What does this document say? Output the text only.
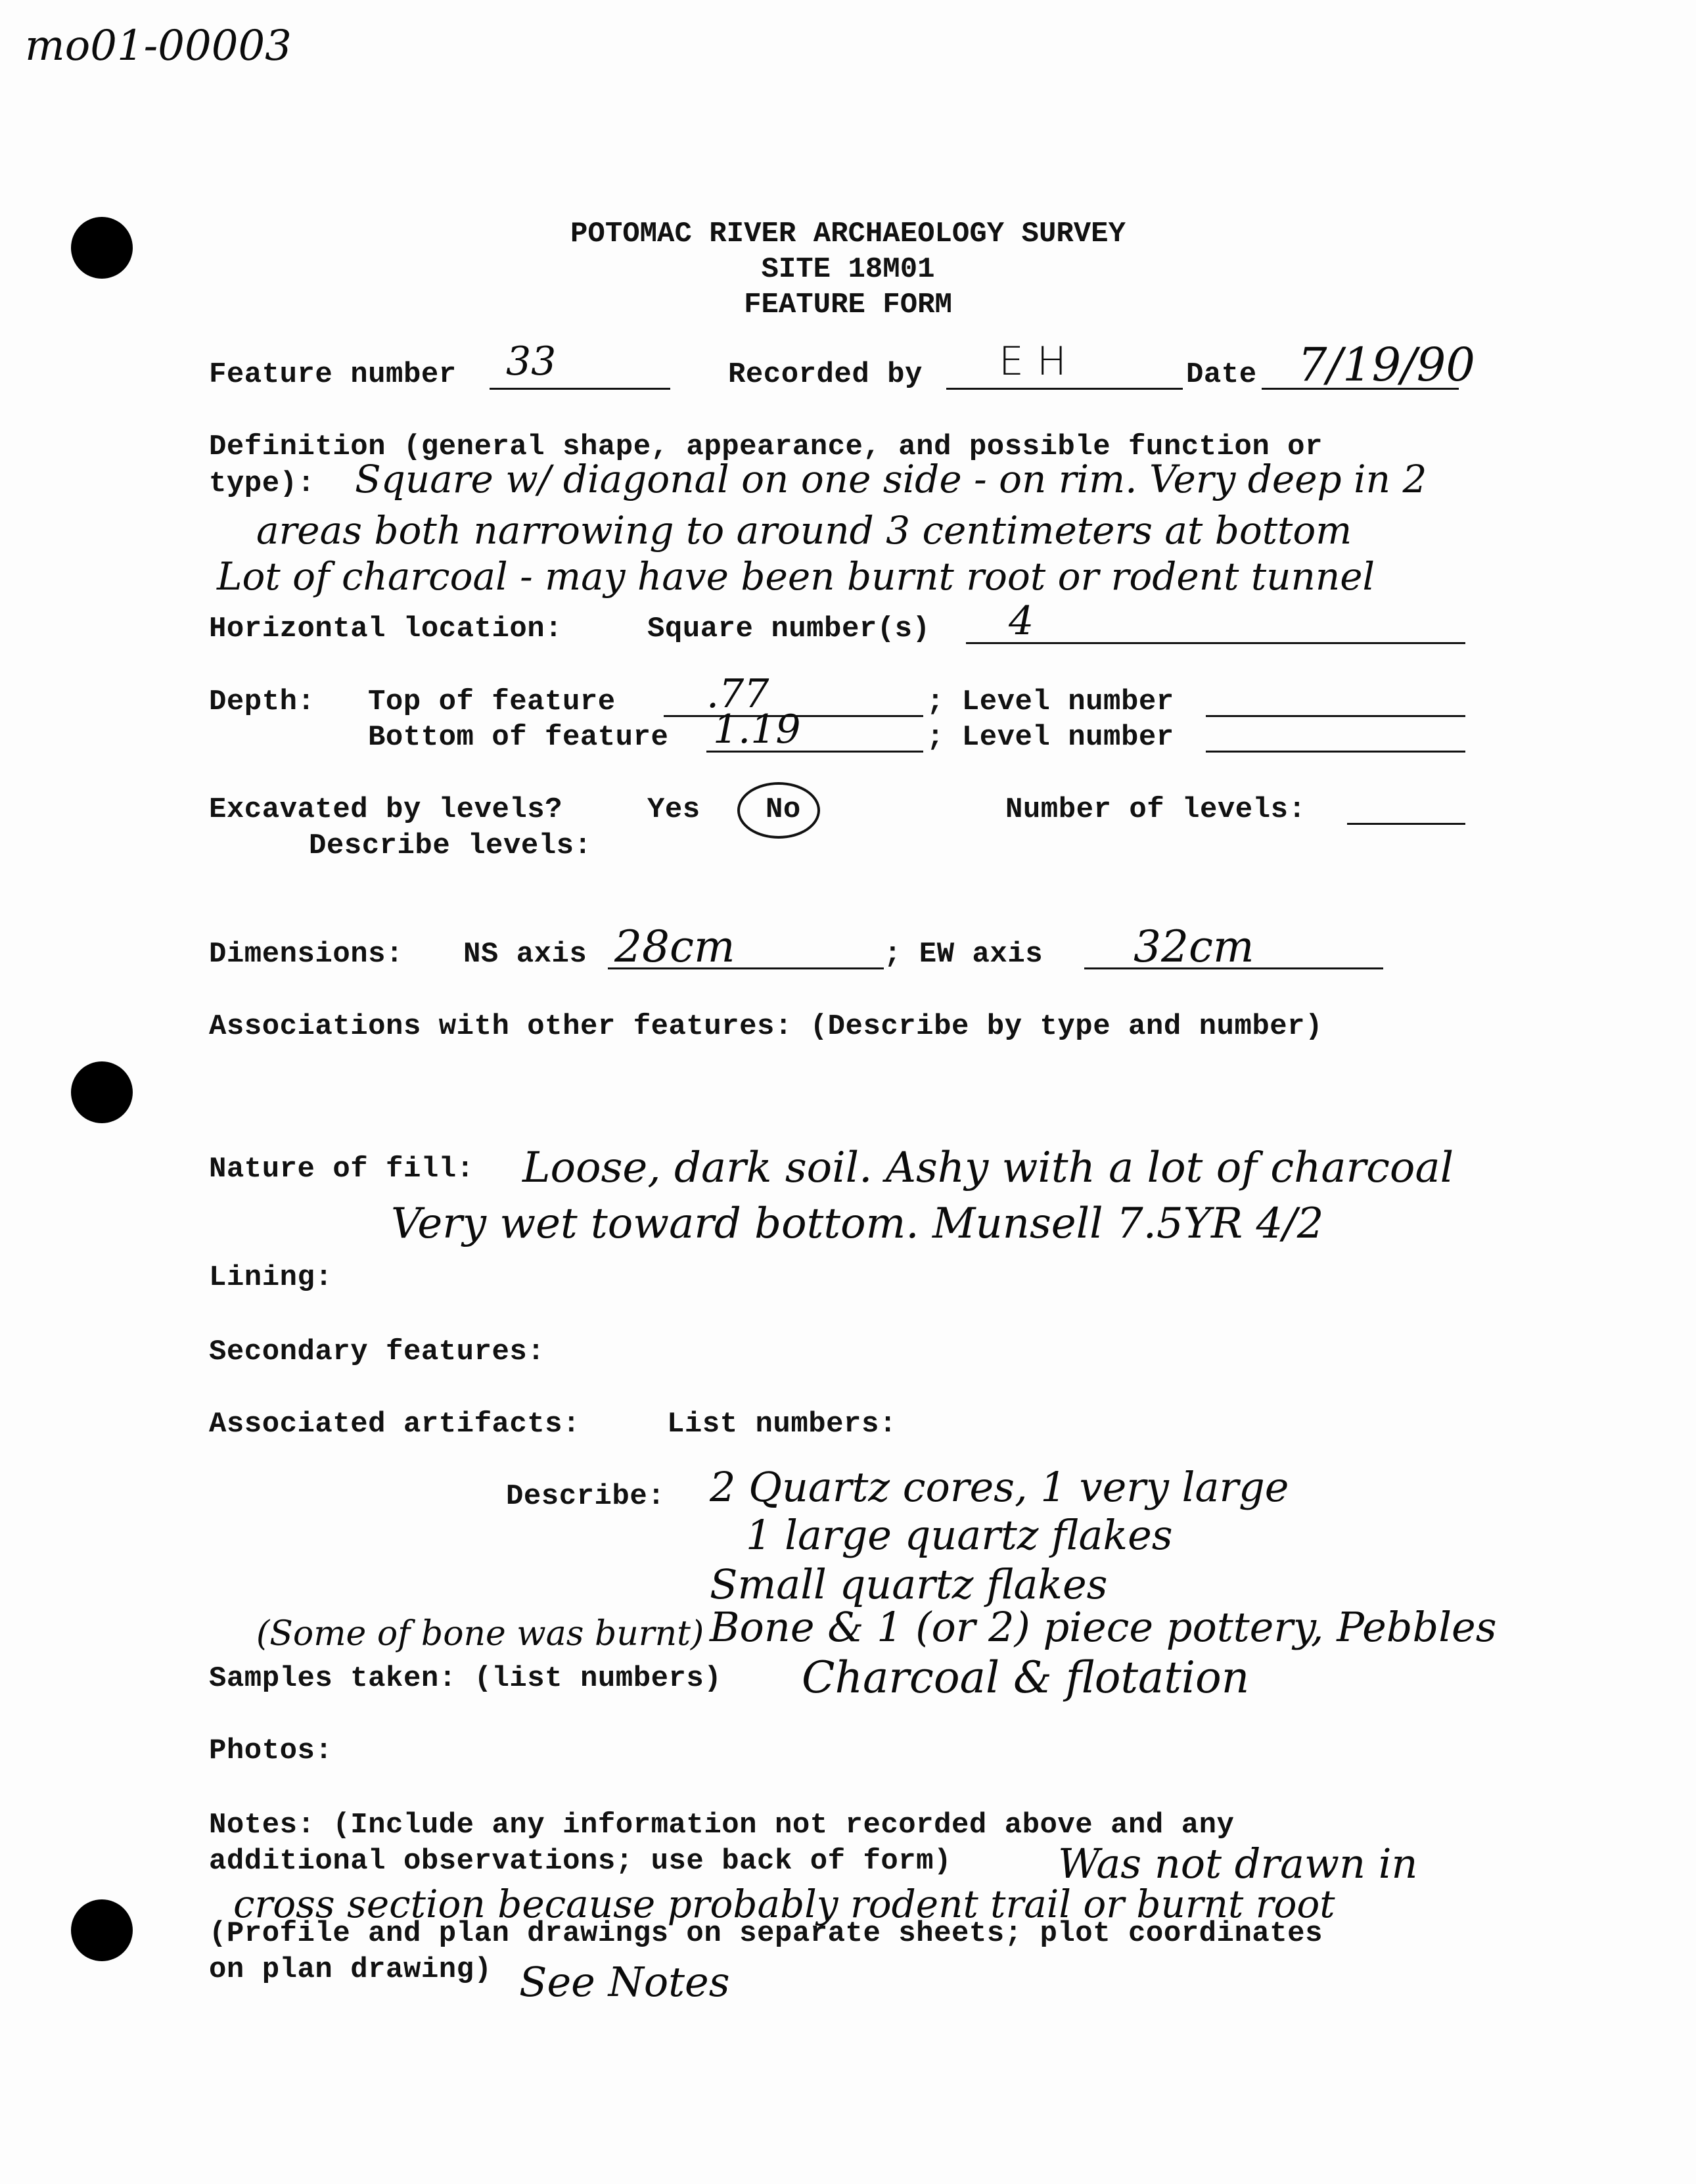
mo01-00003
POTOMAC RIVER ARCHAEOLOGY SURVEY
SITE 18M01
FEATURE FORM
Feature number 33	Recorded by EH	Date 7/19/90
Definition (general shape, appearance, and possible function or
type): Square w/ diagonal on one side - on rim. Very deep in 2
areas both narrowing to around 3 centimeters at bottom
Lot of charcoal - may have been burnt root or rodent tunnel
Horizontal location:	Square number(s) 4
Depth: Top of feature .77	; Level number
Bottom of feature 1.19	; Level number
Excavated by levels?	Yes No	Number of levels:
Describe levels:
Dimensions: NS axis 28cm	; EW axis 32cm
Associations with other features: (Describe by type and number)
Nature of fill: Loose, dark soil. Ashy with a lot of charcoal
Very wet toward bottom. Munsell 7.5YR 4/2
Lining:
Secondary features:
Associated artifacts:	List numbers:
Describe: 2 Quartz cores, 1 very large
1 large quartz flakes
Small quartz flakes
(Some of bone was burnt) Bone & 1 (or 2) piece pottery, Pebbles
Samples taken: (list numbers) Charcoal & flotation
Photos:
Notes: (Include any information not recorded above and any
additional observations; use back of form)	Was not drawn in
cross section because probably rodent trail or burnt root
(Profile and plan drawings on separate sheets; plot coordinates
on plan drawing) See Notes
